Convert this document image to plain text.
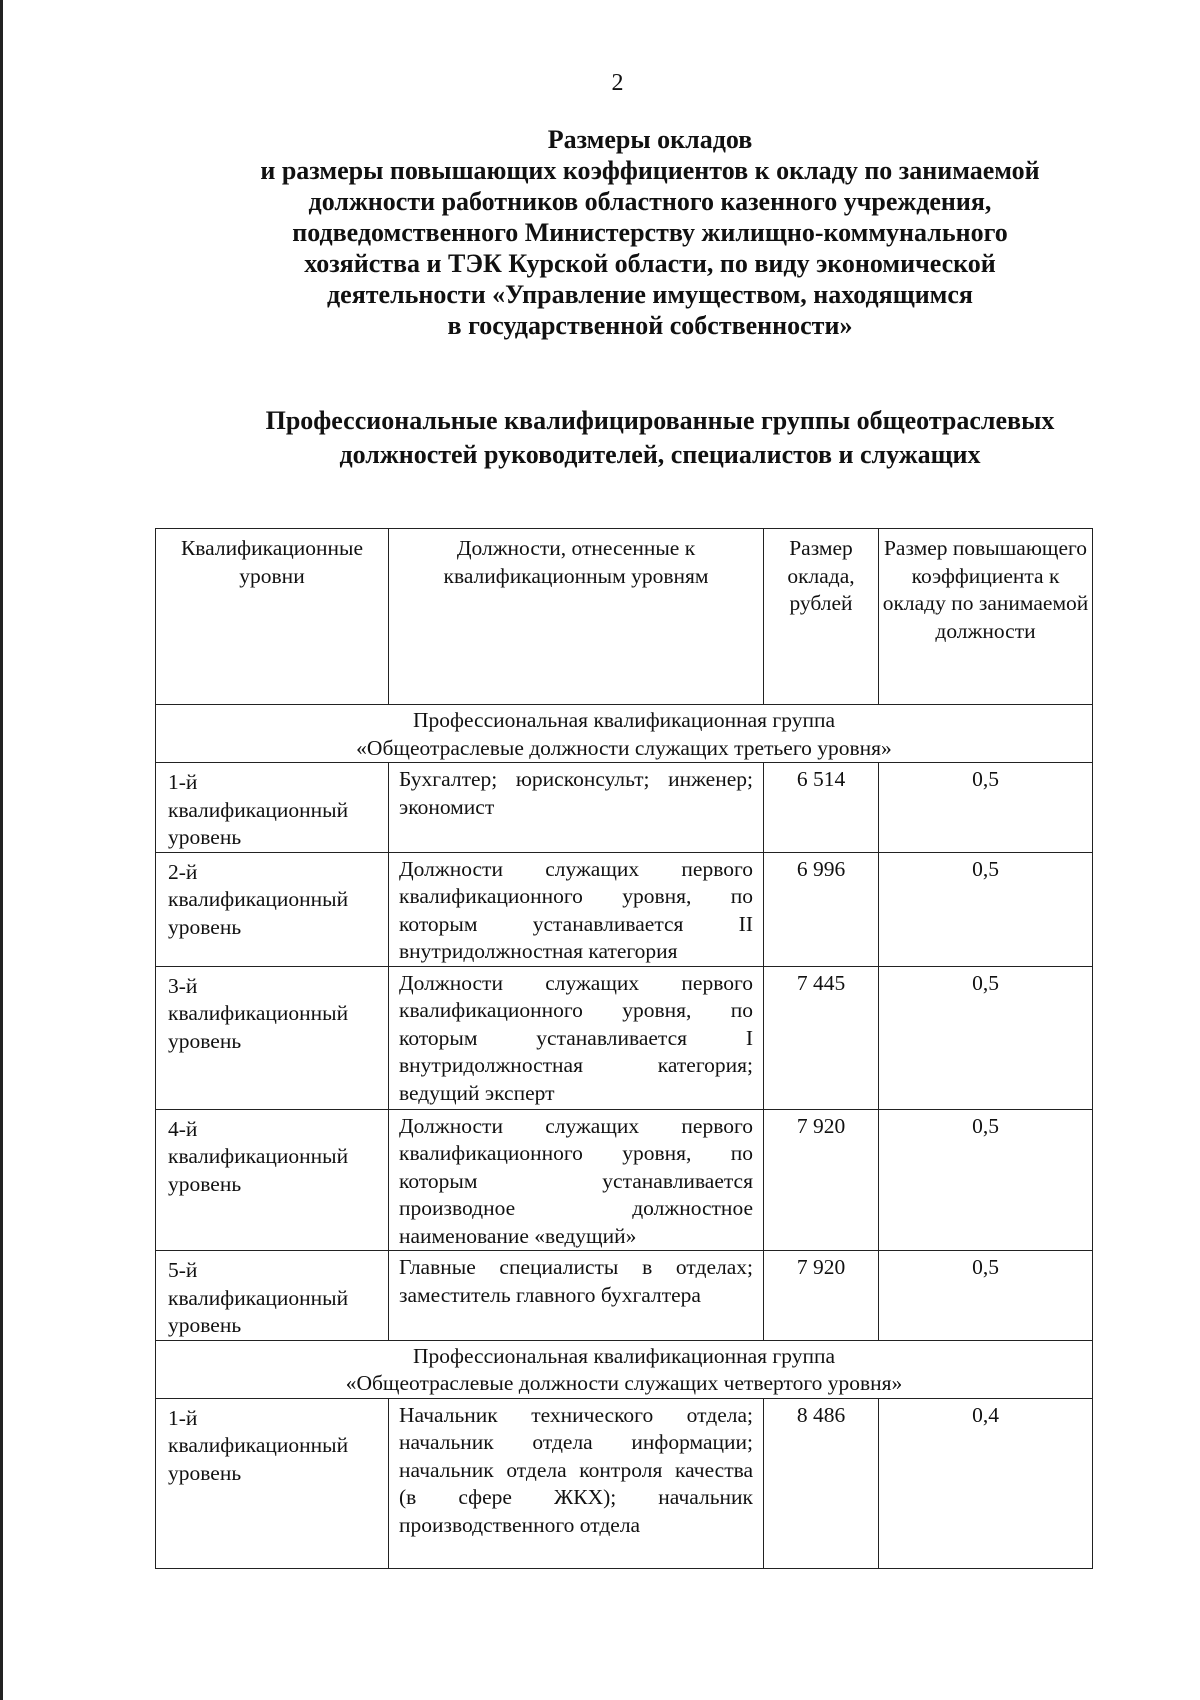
2
Размеры окладов
и размеры повышающих коэффициентов к окладу по занимаемой
должности работников областного казенного учреждения,
подведомственного Министерству жилищно-коммунального
хозяйства и ТЭК Курской области, по виду экономической
деятельности «Управление имуществом, находящимся
в государственной собственности»
Профессиональные квалифицированные группы общеотраслевых
должностей руководителей, специалистов и служащих
Квалификационные уровни	Должности, отнесенные к квалификационным уровням	Размер оклада, рублей	Размер повышающего коэффициента к окладу по занимаемой должности

Профессиональная квалификационная группа
«Общеотраслевые должности служащих третьего уровня»			

1-й квалификационный уровень	Бухгалтер; юрисконсульт; инженер; экономист	6 514	0,5
2-й квалификационный уровень	Должности служащих первого квалификационного уровня, по которым устанавливается II внутридолжностная категория	6 996	0,5
3-й квалификационный уровень	Должности служащих первого квалификационного уровня, по которым устанавливается I внутридолжностная категория; ведущий эксперт	7 445	0,5
4-й квалификационный уровень	Должности служащих первого квалификационного уровня, по которым устанавливается производное должностное наименование «ведущий»	7 920	0,5
5-й квалификационный уровень	Главные специалисты в отделах; заместитель главного бухгалтера	7 920	0,5

Профессиональная квалификационная группа
«Общеотраслевые должности служащих четвертого уровня»			

1-й квалификационный уровень	Начальник технического отдела; начальник отдела информации; начальник отдела контроля качества (в сфере ЖКХ); начальник производственного отдела	8 486	0,4
